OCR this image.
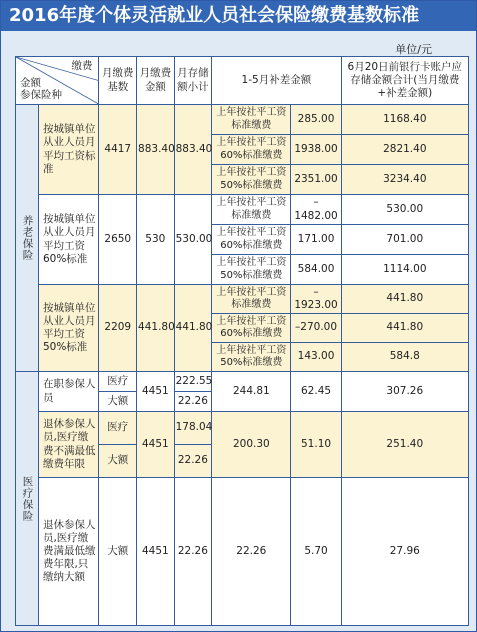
2016年度个体灵活就业人员社会保险缴费基数标准
单位/元
缴费
金额
参保险种		月缴费基数	月缴费金额	月存储额小计	1-5月补差金额		6月20日前银行卡账户应存储金额合计(当月缴费+补差金额)
养老保险	按城镇单位从业人员月平均工资标准	4417	883.40	883.40	上年按社平工资标准缴费	285.00	1168.40
					上年按社平工资60%标准缴费	1938.00	2821.40
					上年按社平工资50%标准缴费	2351.00	3234.40
	按城镇单位从业人员月平均工资60%标准	2650	530	530.00	上年按社平工资标准缴费	–1482.00	530.00
					上年按社平工资60%标准缴费	171.00	701.00
					上年按社平工资50%标准缴费	584.00	1114.00
	按城镇单位从业人员月平均工资50%标准	2209	441.80	441.80	上年按社平工资标准缴费	–1923.00	441.80
					上年按社平工资60%标准缴费	–270.00	441.80
					上年按社平工资50%标准缴费	143.00	584.8
医疗保险	在职参保人员	医疗	4451	222.55	244.81	62.45	307.26
		大额		22.26			
	退休参保人员,医疗缴费不满最低缴费年限	医疗	4451	178.04	200.30	51.10	251.40
		大额		22.26			
	退休参保人员,医疗缴费满最低缴费年限,只缴纳大额	大额	4451	22.26	22.26	5.70	27.96
